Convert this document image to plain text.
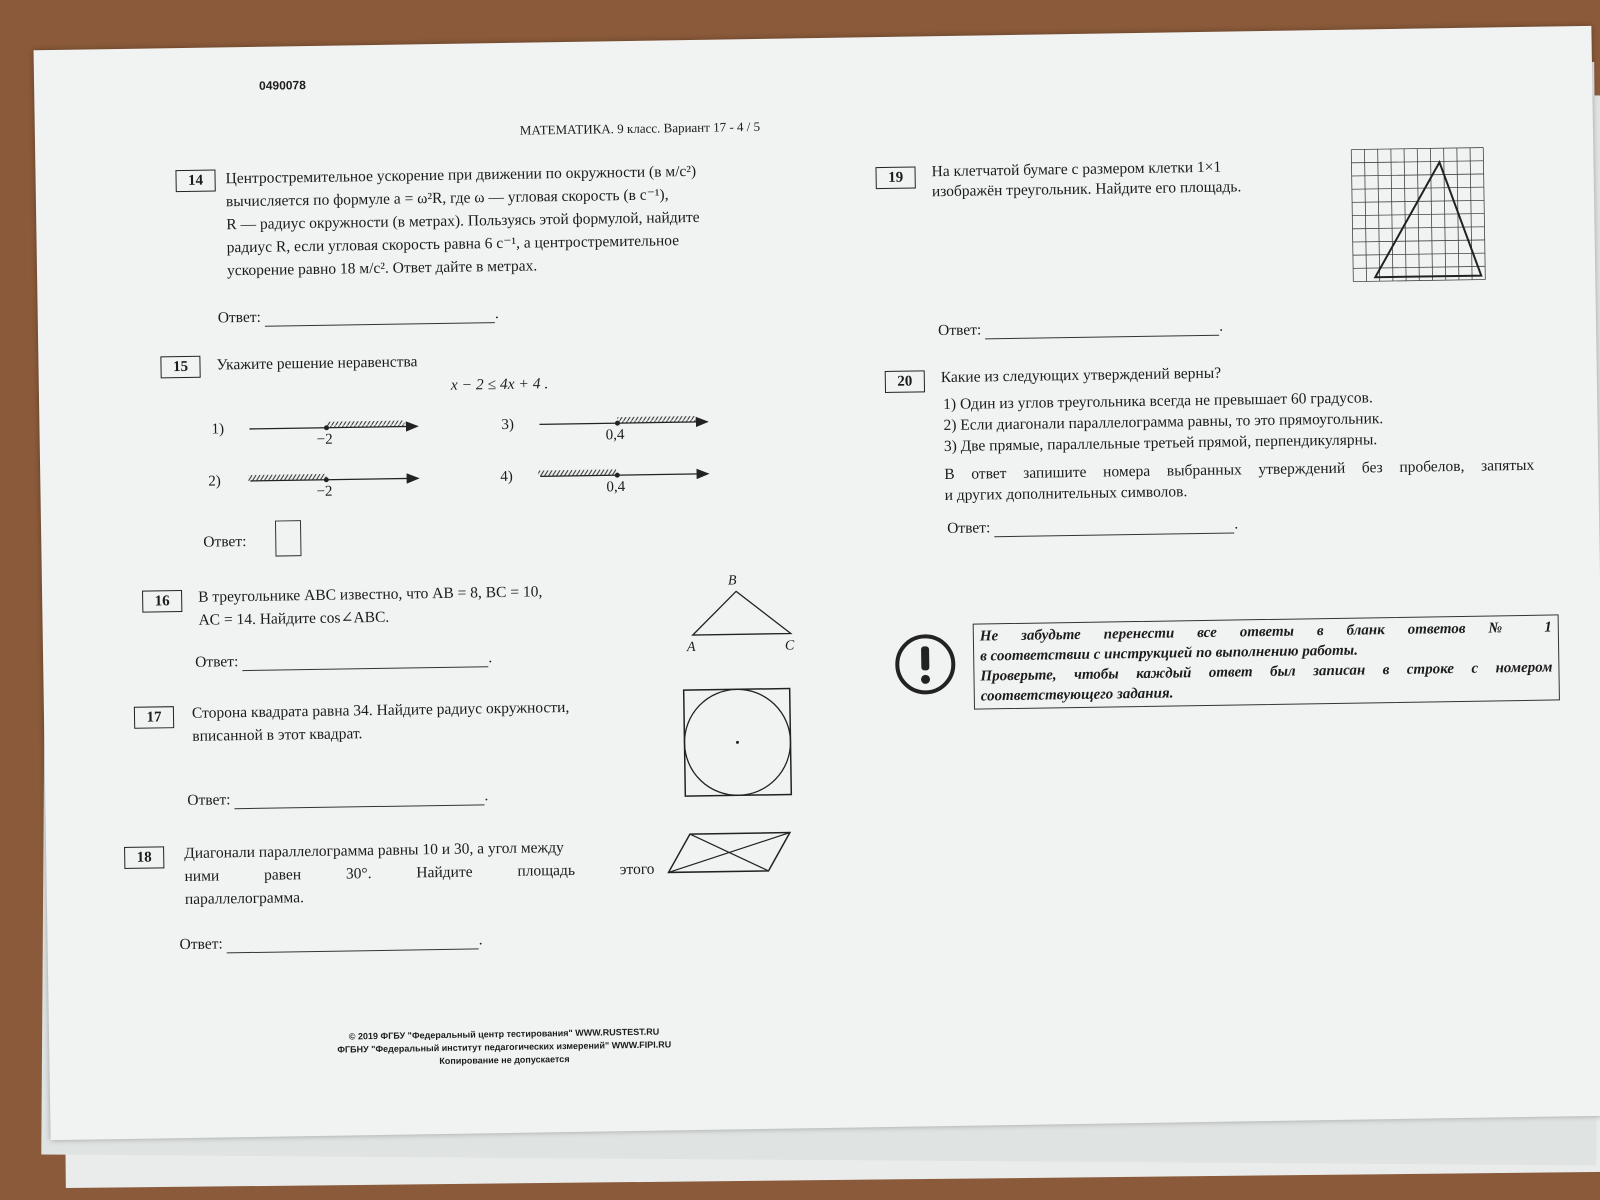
0490078
МАТЕМАТИКА. 9 класс. Вариант 17 - 4 / 5
14	Центростремительное ускорение при движении по окружности (в м/с²)
вычисляется по формуле a = ω²R, где ω — угловая скорость (в с⁻¹),
R — радиус окружности (в метрах). Пользуясь этой формулой, найдите
радиус R, если угловая скорость равна 6 с⁻¹, а центростремительное
ускорение равно 18 м/с². Ответ дайте в метрах.
Ответ:	.
15	Укажите решение неравенства
x − 2 ≤ 4x + 4 .
1)
2)
3)
4)
−2
−2
0,4
0,4
Ответ:
16	В треугольнике ABC известно, что AB = 8, BC = 10,
AC = 14. Найдите cos∠ABC.
B
A	C
Ответ:	.
17	Сторона квадрата равна 34. Найдите радиус окружности,
вписанной в этот квадрат.
Ответ:	.
18	Диагонали параллелограмма равны 10 и 30, а угол между
ними равен 30°. Найдите площадь этого
параллелограмма.
Ответ:	.
19	На клетчатой бумаге с размером клетки 1×1
изображён треугольник. Найдите его площадь.
Ответ:	.
20	Какие из следующих утверждений верны?
1) Один из углов треугольника всегда не превышает 60 градусов.
2) Если диагонали параллелограмма равны, то это прямоугольник.
3) Две прямые, параллельные третьей прямой, перпендикулярны.
В ответ запишите номера выбранных утверждений без пробелов, запятых
и других дополнительных символов.
Ответ:	.
Не забудьте перенести все ответы в бланк ответов № 1
в соответствии с инструкцией по выполнению работы.
Проверьте, чтобы каждый ответ был записан в строке с номером
соответствующего задания.
© 2019 ФГБУ "Федеральный центр тестирования" WWW.RUSTEST.RU
ФГБНУ "Федеральный институт педагогических измерений" WWW.FIPI.RU
Копирование не допускается
